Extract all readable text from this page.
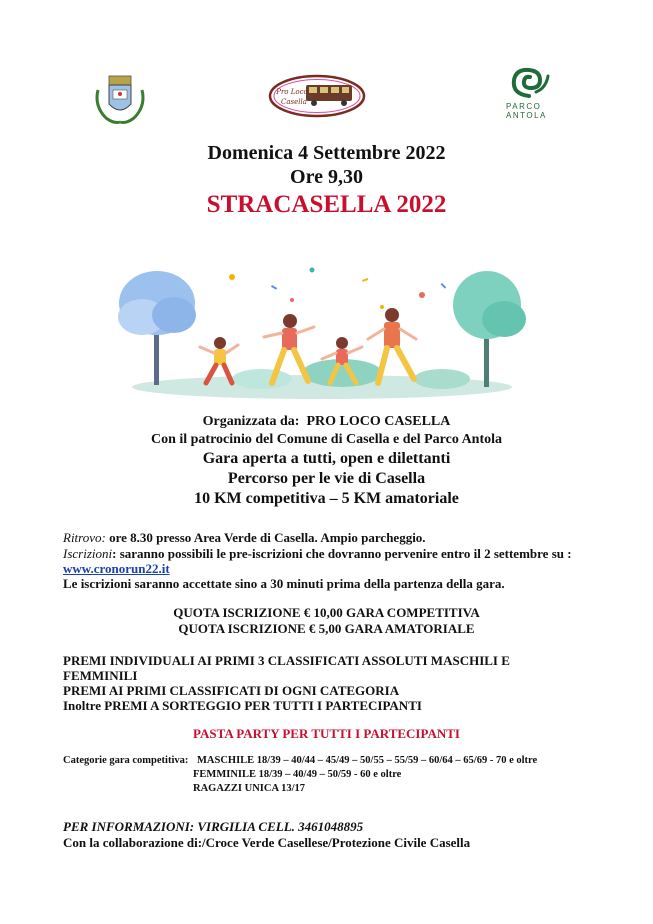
Pro Loco
Casella	PARCO
ANTOLA
Domenica 4 Settembre 2022
Ore 9,30
STRACASELLA 2022
Organizzata da: PRO LOCO CASELLA
Con il patrocinio del Comune di Casella e del Parco Antola
Gara aperta a tutti, open e dilettanti
Percorso per le vie di Casella
10 KM competitiva – 5 KM amatoriale
Ritrovo: ore 8.30 presso Area Verde di Casella. Ampio parcheggio.
Iscrizioni: saranno possibili le pre-iscrizioni che dovranno pervenire entro il 2 settembre su :
www.cronorun22.it
Le iscrizioni saranno accettate sino a 30 minuti prima della partenza della gara.
QUOTA ISCRIZIONE € 10,00 GARA COMPETITIVA
QUOTA ISCRIZIONE € 5,00 GARA AMATORIALE
PREMI INDIVIDUALI AI PRIMI 3 CLASSIFICATI ASSOLUTI MASCHILI E
FEMMINILI
PREMI AI PRIMI CLASSIFICATI DI OGNI CATEGORIA
Inoltre PREMI A SORTEGGIO PER TUTTI I PARTECIPANTI
PASTA PARTY PER TUTTI I PARTECIPANTI
Categorie gara competitiva: MASCHILE 18/39 – 40/44 – 45/49 – 50/55 – 55/59 – 60/64 – 65/69 - 70 e oltre
FEMMINILE 18/39 – 40/49 – 50/59 - 60 e oltre
RAGAZZI UNICA 13/17
PER INFORMAZIONI: VIRGILIA CELL. 3461048895
Con la collaborazione di:/Croce Verde Casellese/Protezione Civile Casella
